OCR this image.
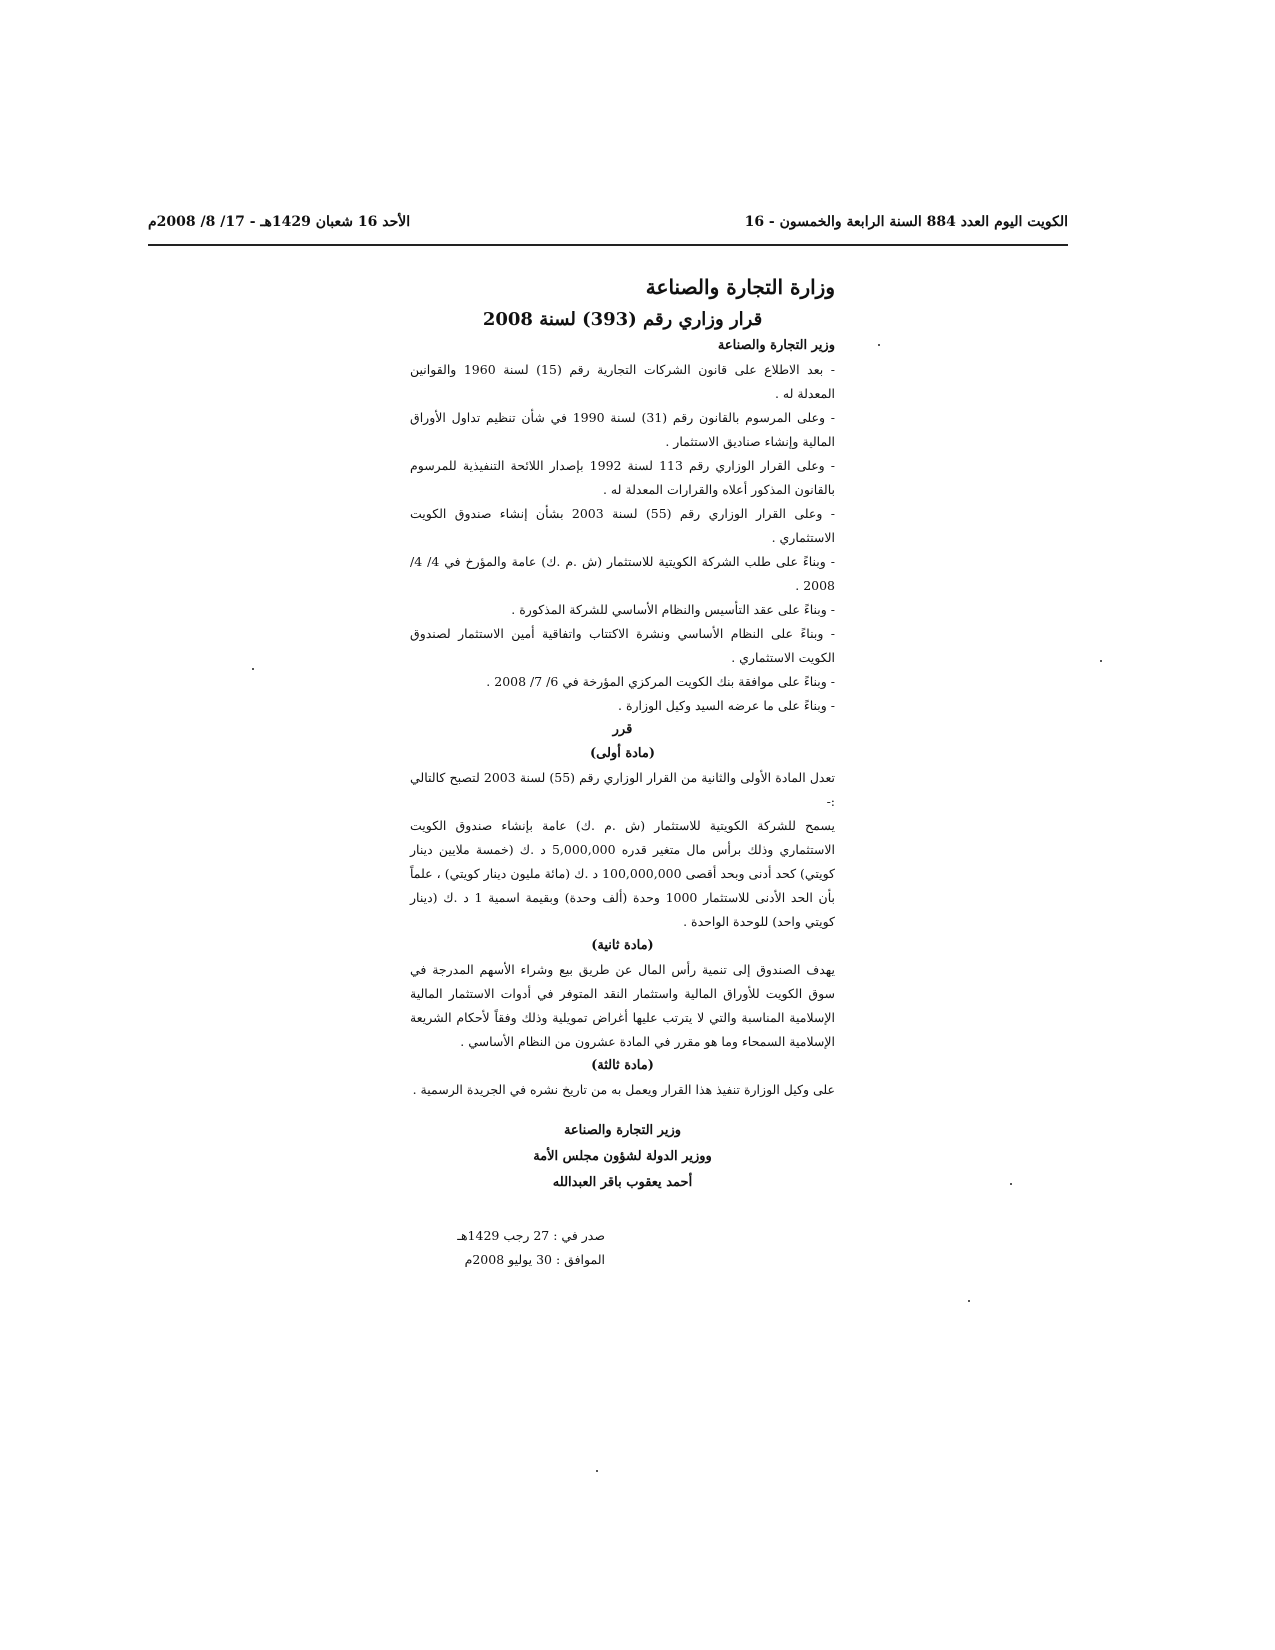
الكويت اليوم العدد 884 السنة الرابعة والخمسون - 16
الأحد 16 شعبان 1429هـ - 17/ 8/ 2008م
وزارة التجارة والصناعة
قرار وزاري رقم (393) لسنة 2008
وزير التجارة والصناعة

- بعد الاطلاع على قانون الشركات التجارية رقم (15) لسنة 1960 والقوانين المعدلة له .

- وعلى المرسوم بالقانون رقم (31) لسنة 1990 في شأن تنظيم تداول الأوراق المالية وإنشاء صناديق الاستثمار .

- وعلى القرار الوزاري رقم 113 لسنة 1992 بإصدار اللائحة التنفيذية للمرسوم بالقانون المذكور أعلاه والقرارات المعدلة له .

- وعلى القرار الوزاري رقم (55) لسنة 2003 بشأن إنشاء صندوق الكويت الاستثماري .

- وبناءً على طلب الشركة الكويتية للاستثمار (ش .م .ك) عامة والمؤرخ في 4/ 4/ 2008 .

- وبناءً على عقد التأسيس والنظام الأساسي للشركة المذكورة .

- وبناءً على النظام الأساسي ونشرة الاكتتاب واتفاقية أمين الاستثمار لصندوق الكويت الاستثماري .

- وبناءً على موافقة بنك الكويت المركزي المؤرخة في 6/ 7/ 2008 .

- وبناءً على ما عرضه السيد وكيل الوزارة .

قرر
(مادة أولى)

تعدل المادة الأولى والثانية من القرار الوزاري رقم (55) لسنة 2003 لتصبح كالتالي :-

يسمح للشركة الكويتية للاستثمار (ش .م .ك) عامة بإنشاء صندوق الكويت الاستثماري وذلك برأس مال متغير قدره 5,000,000 د .ك (خمسة ملايين دينار كويتي) كحد أدنى وبحد أقصى 100,000,000 د .ك (مائة مليون دينار كويتي) ، علماً بأن الحد الأدنى للاستثمار 1000 وحدة (ألف وحدة) وبقيمة اسمية 1 د .ك (دينار كويتي واحد) للوحدة الواحدة .

(مادة ثانية)

يهدف الصندوق إلى تنمية رأس المال عن طريق بيع وشراء الأسهم المدرجة في سوق الكويت للأوراق المالية واستثمار النقد المتوفر في أدوات الاستثمار المالية الإسلامية المناسبة والتي لا يترتب عليها أغراض تمويلية وذلك وفقاً لأحكام الشريعة الإسلامية السمحاء وما هو مقرر في المادة عشرون من النظام الأساسي .

(مادة ثالثة)

على وكيل الوزارة تنفيذ هذا القرار ويعمل به من تاريخ نشره في الجريدة الرسمية .

وزير التجارة والصناعة
ووزير الدولة لشؤون مجلس الأمة
أحمد يعقوب باقر العبدالله
صدر في : 27 رجب 1429هـ
الموافق : 30 يوليو 2008م
